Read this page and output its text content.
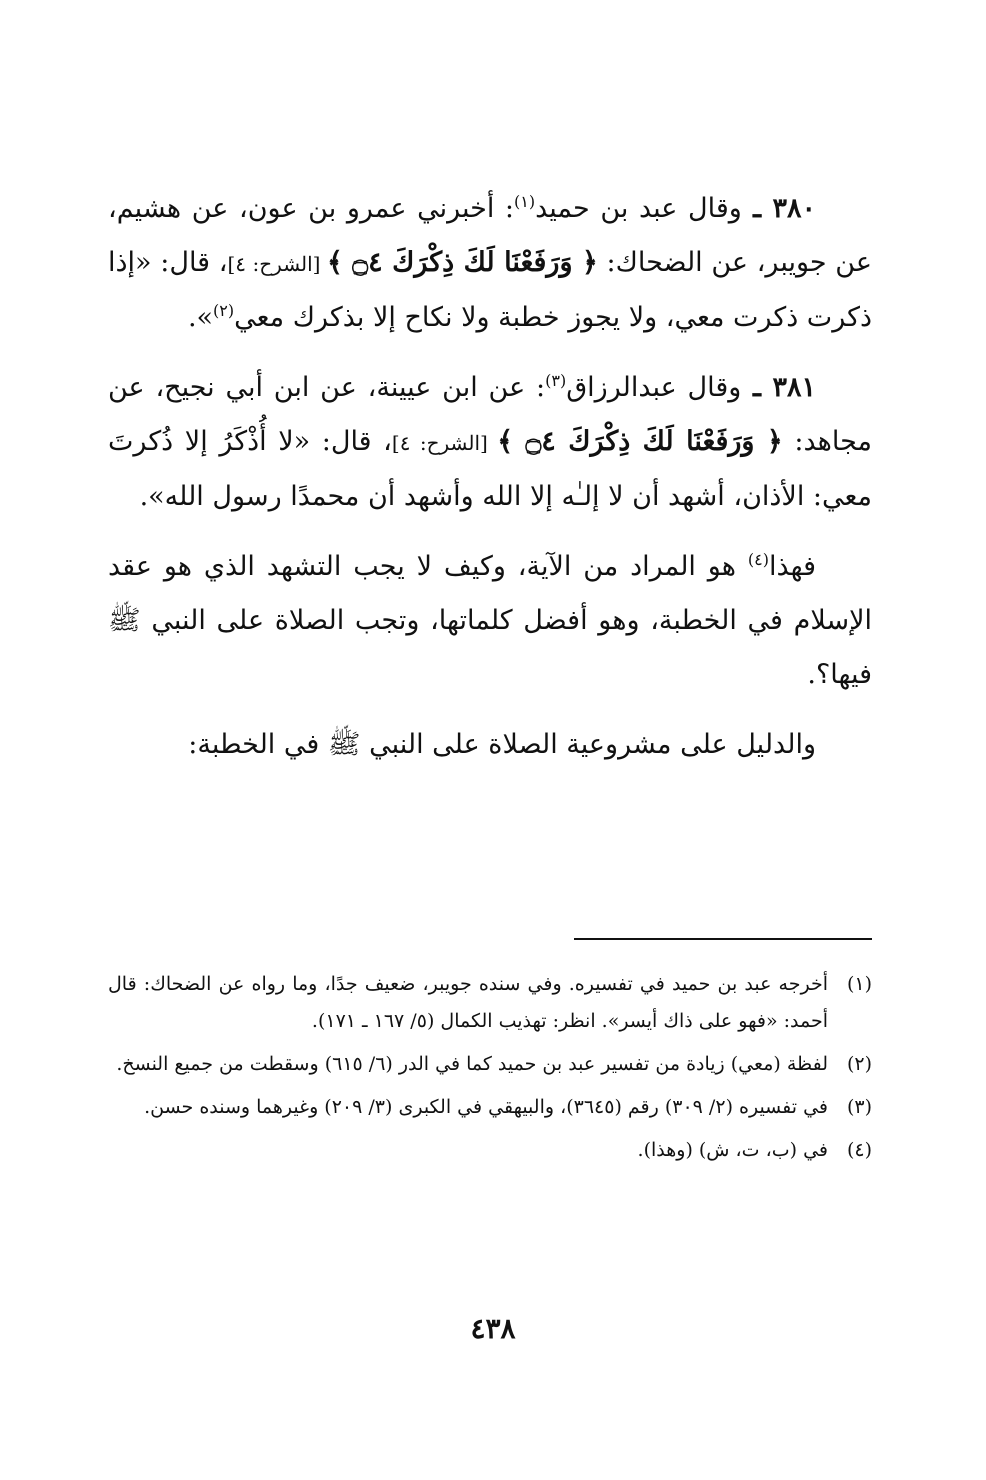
٣٨٠ ـ وقال عبد بن حميد$^{(١)}$: أخبرني عمرو بن عون، عن هشيم، عن جويبر، عن الضحاك: ﴿ وَرَفَعْنَا لَكَ ذِكْرَكَ ۝٤ ﴾ [الشرح: ٤]، قال: «إذا ذكرت ذكرت معي، ولا يجوز خطبة ولا نكاح إلا بذكرك معي$^{(٢)}$».

٣٨١ ـ وقال عبدالرزاق$^{(٣)}$: عن ابن عيينة، عن ابن أبي نجيح، عن مجاهد: ﴿ وَرَفَعْنَا لَكَ ذِكْرَكَ ۝٤ ﴾ [الشرح: ٤]، قال: «لا أُذْكَرُ إلا ذُكرتَ معي: الأذان، أشهد أن لا إلـٰه إلا الله وأشهد أن محمدًا رسول الله».

فهذا$^{(٤)}$ هو المراد من الآية، وكيف لا يجب التشهد الذي هو عقد الإسلام في الخطبة، وهو أفضل كلماتها، وتجب الصلاة على النبي ﷺ فيها؟.

والدليل على مشروعية الصلاة على النبي ﷺ في الخطبة:

(١)
أخرجه عبد بن حميد في تفسيره. وفي سنده جويبر، ضعيف جدًا، وما رواه عن الضحاك: قال أحمد: «فهو على ذاك أيسر». انظر: تهذيب الكمال (٥/ ١٦٧ ـ ١٧١).
(٢)
لفظة (معي) زيادة من تفسير عبد بن حميد كما في الدر (٦/ ٦١٥) وسقطت من جميع النسخ.
(٣)
في تفسيره (٢/ ٣٠٩) رقم (٣٦٤٥)، والبيهقي في الكبرى (٣/ ٢٠٩) وغيرهما وسنده حسن.
(٤)
في (ب، ت، ش) (وهذا).
٤٣٨
